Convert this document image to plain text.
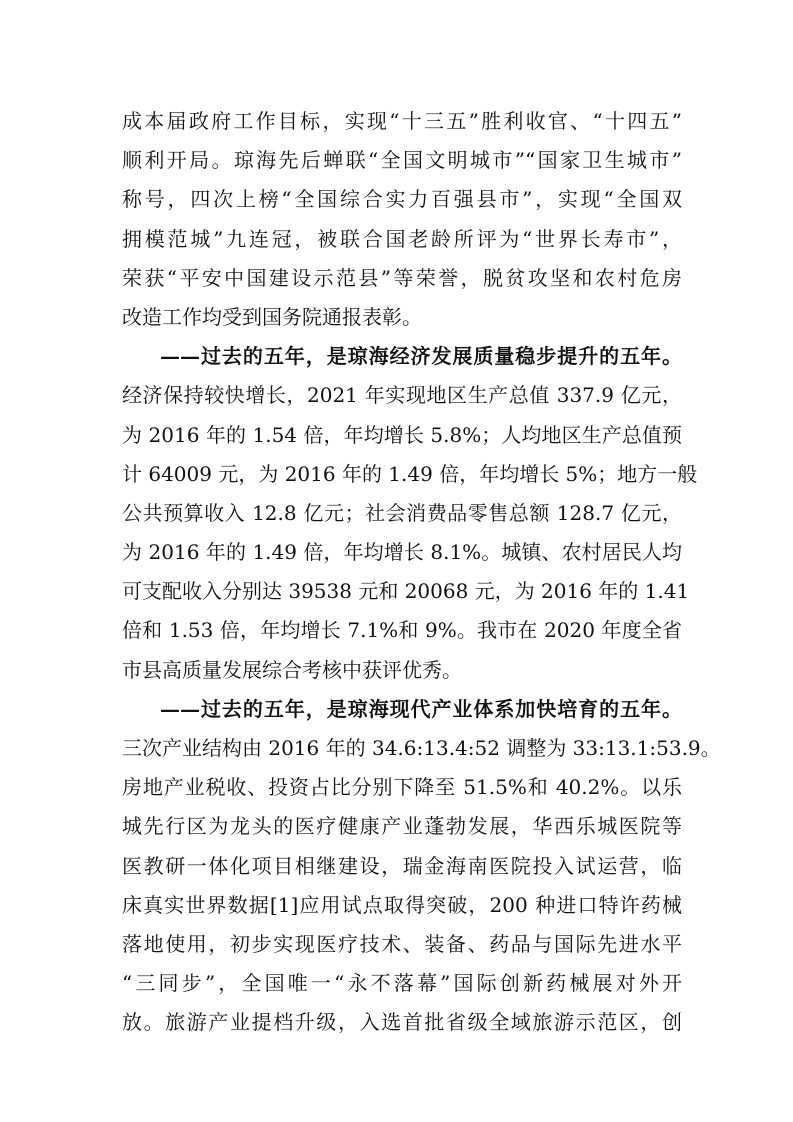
成本届政府工作目标，实现“十三五”胜利收官、“十四五”
顺利开局。琼海先后蝉联“全国文明城市”“国家卫生城市”
称号，四次上榜“全国综合实力百强县市”，实现“全国双
拥模范城”九连冠，被联合国老龄所评为“世界长寿市”，
荣获“平安中国建设示范县”等荣誉，脱贫攻坚和农村危房
改造工作均受到国务院通报表彰。
——过去的五年，是琼海经济发展质量稳步提升的五年。
经济保持较快增长，2021 年实现地区生产总值 337.9 亿元，
为 2016 年的 1.54 倍，年均增长 5.8%；人均地区生产总值预
计 64009 元，为 2016 年的 1.49 倍，年均增长 5%；地方一般
公共预算收入 12.8 亿元；社会消费品零售总额 128.7 亿元，
为 2016 年的 1.49 倍，年均增长 8.1%。城镇、农村居民人均
可支配收入分别达 39538 元和 20068 元，为 2016 年的 1.41
倍和 1.53 倍，年均增长 7.1%和 9%。我市在 2020 年度全省
市县高质量发展综合考核中获评优秀。
——过去的五年，是琼海现代产业体系加快培育的五年。
三次产业结构由 2016 年的 34.6:13.4:52 调整为 33:13.1:53.9。
房地产业税收、投资占比分别下降至 51.5%和 40.2%。以乐
城先行区为龙头的医疗健康产业蓬勃发展，华西乐城医院等
医教研一体化项目相继建设，瑞金海南医院投入试运营，临
床真实世界数据[1]应用试点取得突破，200 种进口特许药械
落地使用，初步实现医疗技术、装备、药品与国际先进水平
“三同步”，全国唯一“永不落幕”国际创新药械展对外开
放。旅游产业提档升级，入选首批省级全域旅游示范区，创
